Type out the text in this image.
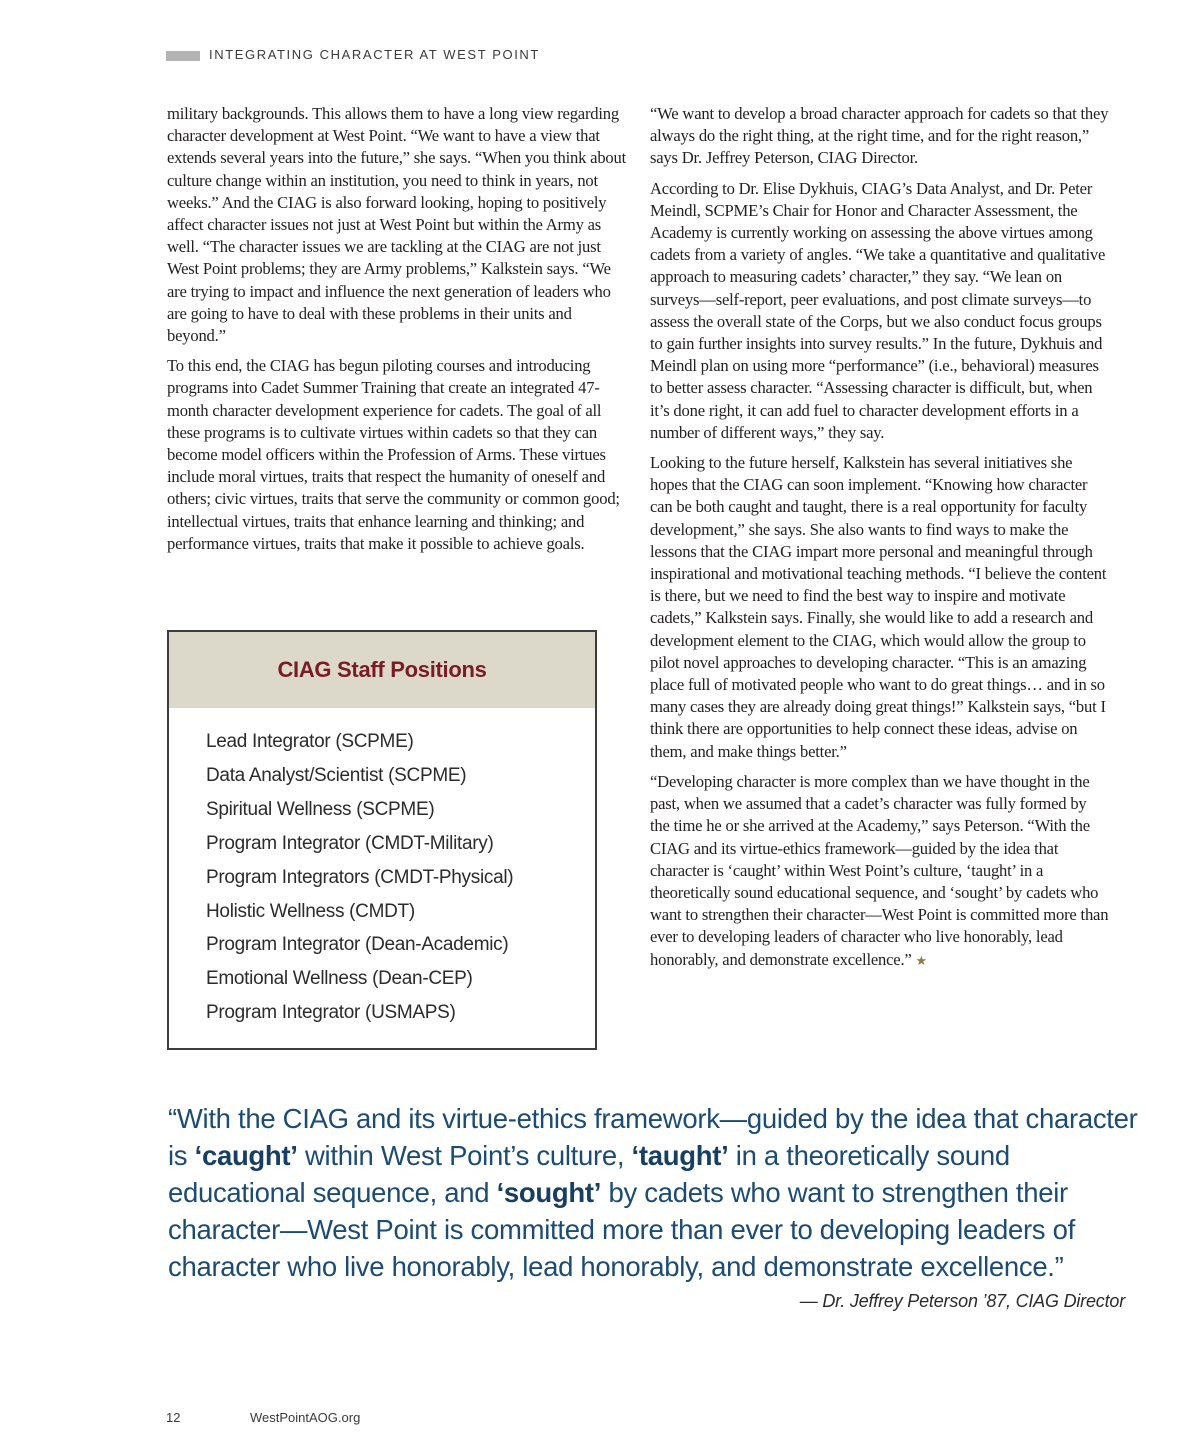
INTEGRATING CHARACTER AT WEST POINT

military backgrounds. This allows them to have a long view regarding character development at West Point. “We want to have a view that extends several years into the future,” she says. “When you think about culture change within an institution, you need to think in years, not weeks.” And the CIAG is also forward looking, hoping to positively affect character issues not just at West Point but within the Army as well. “The character issues we are tackling at the CIAG are not just West Point problems; they are Army problems,” Kalkstein says. “We are trying to impact and influence the next generation of leaders who are going to have to deal with these problems in their units and beyond.”

To this end, the CIAG has begun piloting courses and introducing programs into Cadet Summer Training that create an integrated 47-month character development experience for cadets. The goal of all these programs is to cultivate virtues within cadets so that they can become model officers within the Profession of Arms. These virtues include moral virtues, traits that respect the humanity of oneself and others; civic virtues, traits that serve the community or common good; intellectual virtues, traits that enhance learning and thinking; and performance virtues, traits that make it possible to achieve goals.

CIAG Staff Positions
Lead Integrator (SCPME)
Data Analyst/Scientist (SCPME)
Spiritual Wellness (SCPME)
Program Integrator (CMDT-Military)
Program Integrators (CMDT-Physical)
Holistic Wellness (CMDT)
Program Integrator (Dean-Academic)
Emotional Wellness (Dean-CEP)
Program Integrator (USMAPS)

“We want to develop a broad character approach for cadets so that they always do the right thing, at the right time, and for the right reason,” says Dr. Jeffrey Peterson, CIAG Director.

According to Dr. Elise Dykhuis, CIAG’s Data Analyst, and Dr. Peter Meindl, SCPME’s Chair for Honor and Character Assessment, the Academy is currently working on assessing the above virtues among cadets from a variety of angles. “We take a quantitative and qualitative approach to measuring cadets’ character,” they say. “We lean on surveys—self-report, peer evaluations, and post climate surveys—to assess the overall state of the Corps, but we also conduct focus groups to gain further insights into survey results.” In the future, Dykhuis and Meindl plan on using more “performance” (i.e., behavioral) measures to better assess character. “Assessing character is difficult, but, when it’s done right, it can add fuel to character development efforts in a number of different ways,” they say.

Looking to the future herself, Kalkstein has several initiatives she hopes that the CIAG can soon implement. “Knowing how character can be both caught and taught, there is a real opportunity for faculty development,” she says. She also wants to find ways to make the lessons that the CIAG impart more personal and meaningful through inspirational and motivational teaching methods. “I believe the content is there, but we need to find the best way to inspire and motivate cadets,” Kalkstein says. Finally, she would like to add a research and development element to the CIAG, which would allow the group to pilot novel approaches to developing character. “This is an amazing place full of motivated people who want to do great things… and in so many cases they are already doing great things!” Kalkstein says, “but I think there are opportunities to help connect these ideas, advise on them, and make things better.”

“Developing character is more complex than we have thought in the past, when we assumed that a cadet’s character was fully formed by the time he or she arrived at the Academy,” says Peterson. “With the CIAG and its virtue-ethics framework—guided by the idea that character is ‘caught’ within West Point’s culture, ‘taught’ in a theoretically sound educational sequence, and ‘sought’ by cadets who want to strengthen their character—West Point is committed more than ever to developing leaders of character who live honorably, lead honorably, and demonstrate excellence.” ★

“With the CIAG and its virtue-ethics framework—guided by the idea that character is ‘caught’ within West Point’s culture, ‘taught’ in a theoretically sound educational sequence, and ‘sought’ by cadets who want to strengthen their character—West Point is committed more than ever to developing leaders of character who live honorably, lead honorably, and demonstrate excellence.”
— Dr. Jeffrey Peterson ’87, CIAG Director
12	WestPointAOG.org
